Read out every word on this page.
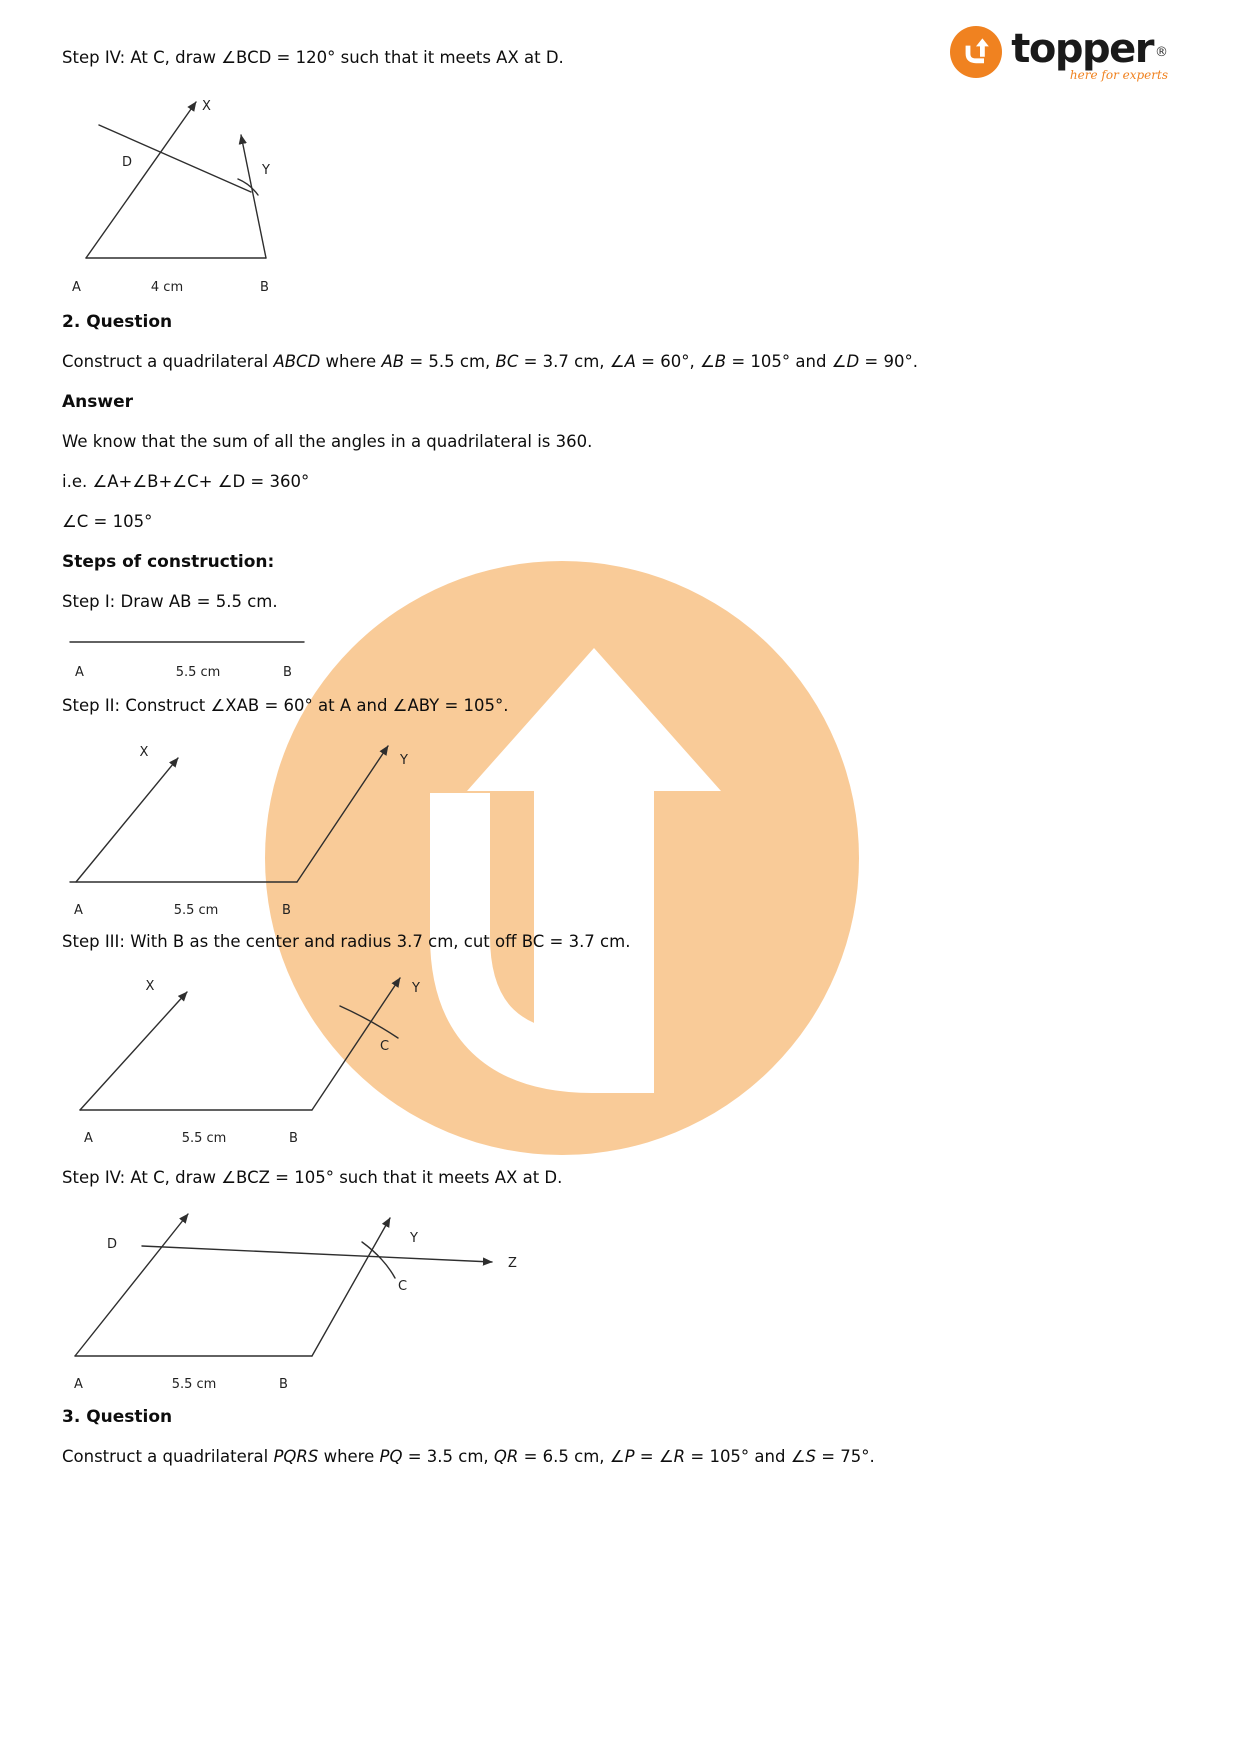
topper ®
here for experts

Step IV: At C, draw ∠BCD = 120° such that it meets AX at D.

X
Y
D
A	4 cm	B
2. Question

Construct a quadrilateral ABCD where AB = 5.5 cm, BC = 3.7 cm, ∠A = 60°, ∠B = 105° and ∠D = 90°.

Answer

We know that the sum of all the angles in a quadrilateral is 360.

i.e. ∠A+∠B+∠C+ ∠D = 360°

∠C = 105°

Steps of construction:

Step I: Draw AB = 5.5 cm.

A	5.5 cm	B

Step II: Construct ∠XAB = 60° at A and ∠ABY = 105°.

X
Y
A	5.5 cm	B

Step III: With B as the center and radius 3.7 cm, cut off BC = 3.7 cm.

X	Y
C
A	5.5 cm	B

Step IV: At C, draw ∠BCZ = 105° such that it meets AX at D.

D	Y
Z
C
A	5.5 cm	B
3. Question

Construct a quadrilateral PQRS where PQ = 3.5 cm, QR = 6.5 cm, ∠P = ∠R = 105° and ∠S = 75°.
